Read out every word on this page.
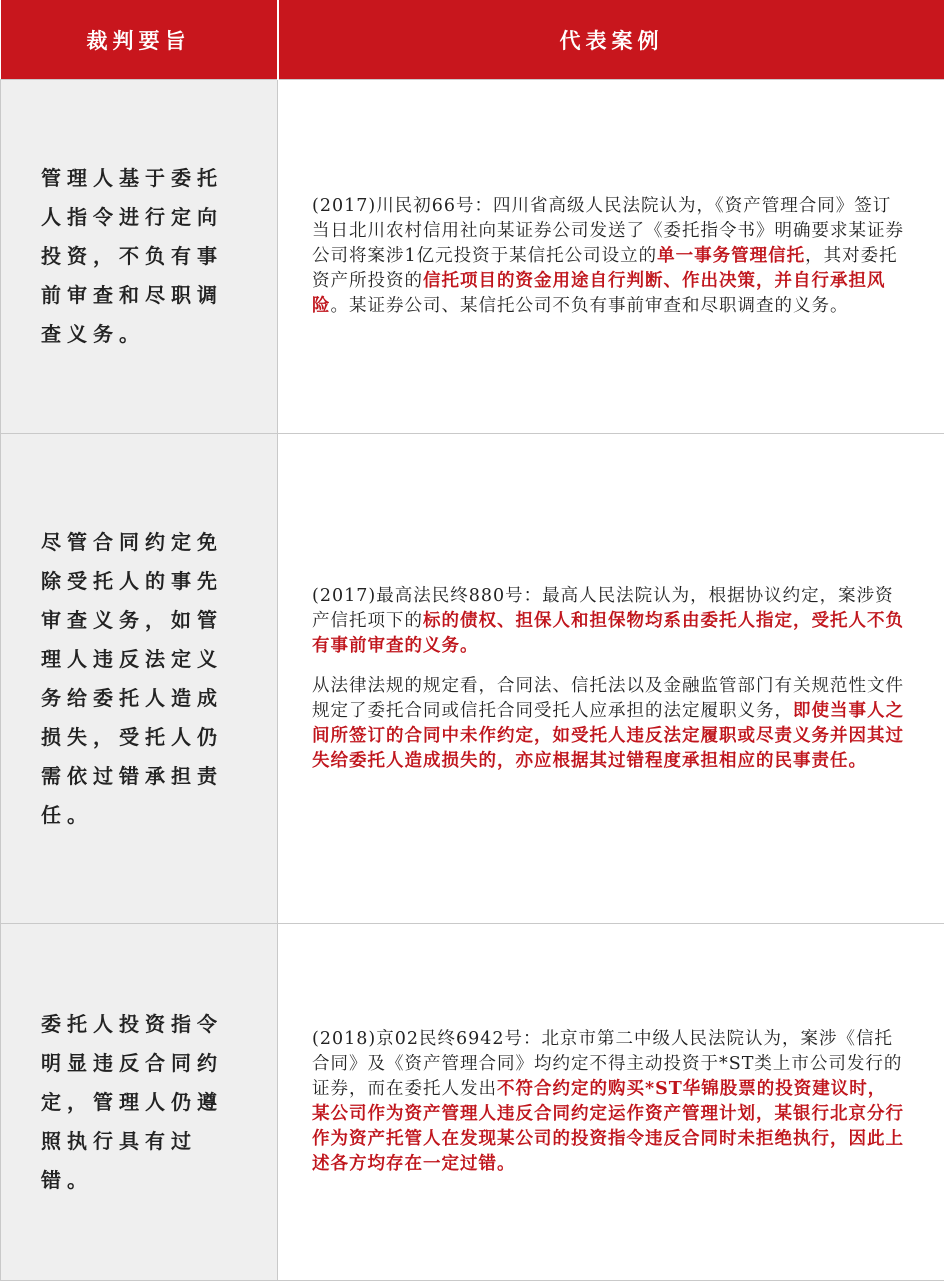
裁判要旨	代表案例

管理人基于委托人指令进行定向投资，不负有事前审查和尽职调查义务。	(2017)川民初66号：四川省高级人民法院认为，《资产管理合同》签订当日北川农村信用社向某证券公司发送了《委托指令书》明确要求某证券公司将案涉1亿元投资于某信托公司设立的单一事务管理信托，其对委托资产所投资的信托项目的资金用途自行判断、作出决策，并自行承担风险。某证券公司、某信托公司不负有事前审查和尽职调查的义务。

尽管合同约定免除受托人的事先审查义务，如管理人违反法定义务给委托人造成损失，受托人仍需依过错承担责任。	(2017)最高法民终880号：最高人民法院认为，根据协议约定，案涉资产信托项下的标的债权、担保人和担保物均系由委托人指定，受托人不负有事前审查的义务。

从法律法规的规定看，合同法、信托法以及金融监管部门有关规范性文件规定了委托合同或信托合同受托人应承担的法定履职义务，即使当事人之间所签订的合同中未作约定，如受托人违反法定履职或尽责义务并因其过失给委托人造成损失的，亦应根据其过错程度承担相应的民事责任。

委托人投资指令明显违反合同约定，管理人仍遵照执行具有过错。	(2018)京02民终6942号：北京市第二中级人民法院认为，案涉《信托合同》及《资产管理合同》均约定不得主动投资于*ST类上市公司发行的证券，而在委托人发出不符合约定的购买*ST华锦股票的投资建议时，某公司作为资产管理人违反合同约定运作资产管理计划，某银行北京分行作为资产托管人在发现某公司的投资指令违反合同时未拒绝执行，因此上述各方均存在一定过错。
